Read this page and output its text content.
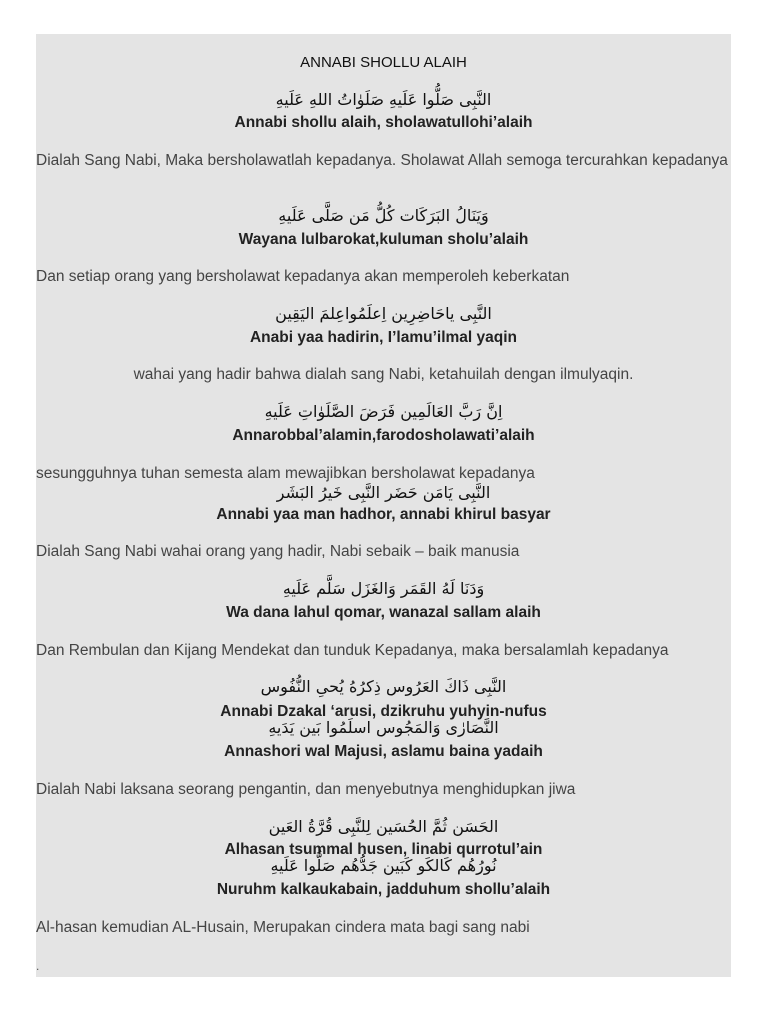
ANNABI SHOLLU ALAIH
النَّبِی صَلُّوا عَلَیهِ صَلَوٰاتُ اللهِ عَلَیهِ
Annabi shollu alaih, sholawatullohi’alaih
Dialah Sang Nabi, Maka bersholawatlah kepadanya. Sholawat Allah semoga tercurahkan kepadanya
وَیَنَالُ البَرَکَات کُلُّ مَن صَلَّی عَلَیهِ
Wayana lulbarokat,kuluman sholu’alaih
Dan setiap orang yang bersholawat kepadanya akan memperoleh keberkatan
النَّبِی یاحَاضِرِین اِعلَمُواعِلمَ الیَقِین
Anabi yaa hadirin, I’lamu’ilmal yaqin
wahai yang hadir bahwa dialah sang Nabi, ketahuilah dengan ilmulyaqin.
اِنَّ رَبَّ العَالَمِین فَرَضَ الصَّلَوٰاتِ عَلَیهِ
Annarobbal’alamin,farodosholawati’alaih
sesungguhnya tuhan semesta alam mewajibkan bersholawat kepadanya
النَّبِی یَامَن حَضَر النَّبِی خَیرُ البَشَر
Annabi yaa man hadhor, annabi khirul basyar
Dialah Sang Nabi wahai orang yang hadir, Nabi sebaik – baik manusia
وَدَنَا لَهُ القَمَر وَالغَزَل سَلَّم عَلَیهِ
Wa dana lahul qomar, wanazal sallam alaih
Dan Rembulan dan Kijang Mendekat dan tunduk Kepadanya, maka bersalamlah kepadanya
النَّبِی ذَاكَ العَرُوس ذِكرُهُ یُحیِ النُّفُوس
Annabi Dzakal ‘arusi, dzikruhu yuhyin-nufus
النَّصَارٰی وَالمَجُوس اسلَمُوا بَین یَدَیهِ
Annashori wal Majusi, aslamu baina yadaih
Dialah Nabi laksana seorang pengantin, dan menyebutnya menghidupkan jiwa
الحَسَن ثُمَّ الحُسَین لِلنَّبِی قُرَّةُ العَین
Alhasan tsummal husen, linabi qurrotul’ain
نُورُهُم كَالكَو كَبَین جَدُّهُم صَلُّوا عَلَیهِ
Nuruhm kalkaukabain, jadduhum shollu’alaih
Al-hasan kemudian AL-Husain, Merupakan cindera mata bagi sang nabi
.
